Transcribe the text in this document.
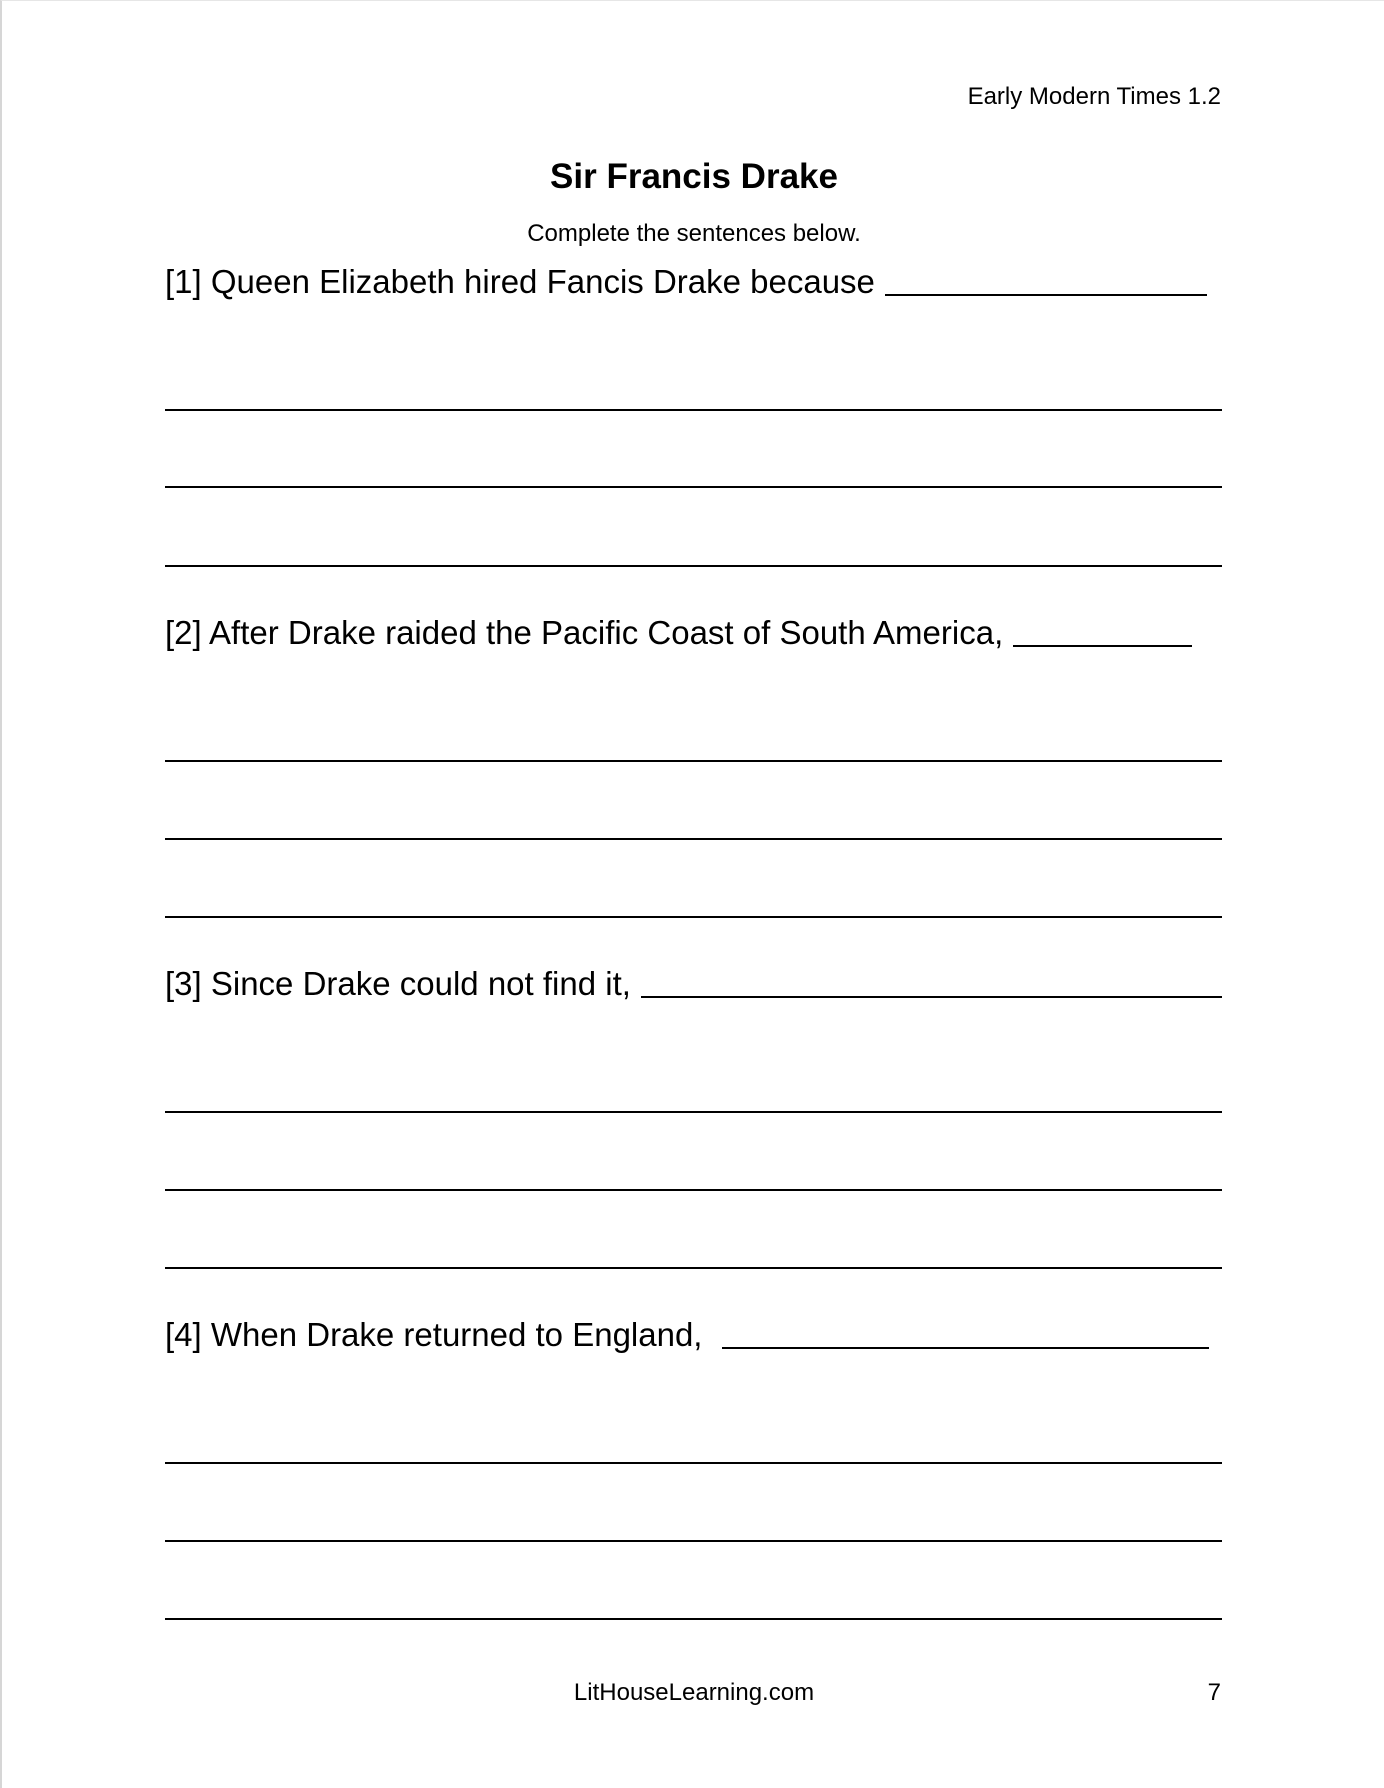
Early Modern Times 1.2
Sir Francis Drake
Complete the sentences below.
[1] Queen Elizabeth hired Fancis Drake because
[2] After Drake raided the Pacific Coast of South America,
[3] Since Drake could not find it,
[4] When Drake returned to England,
LitHouseLearning.com	7
